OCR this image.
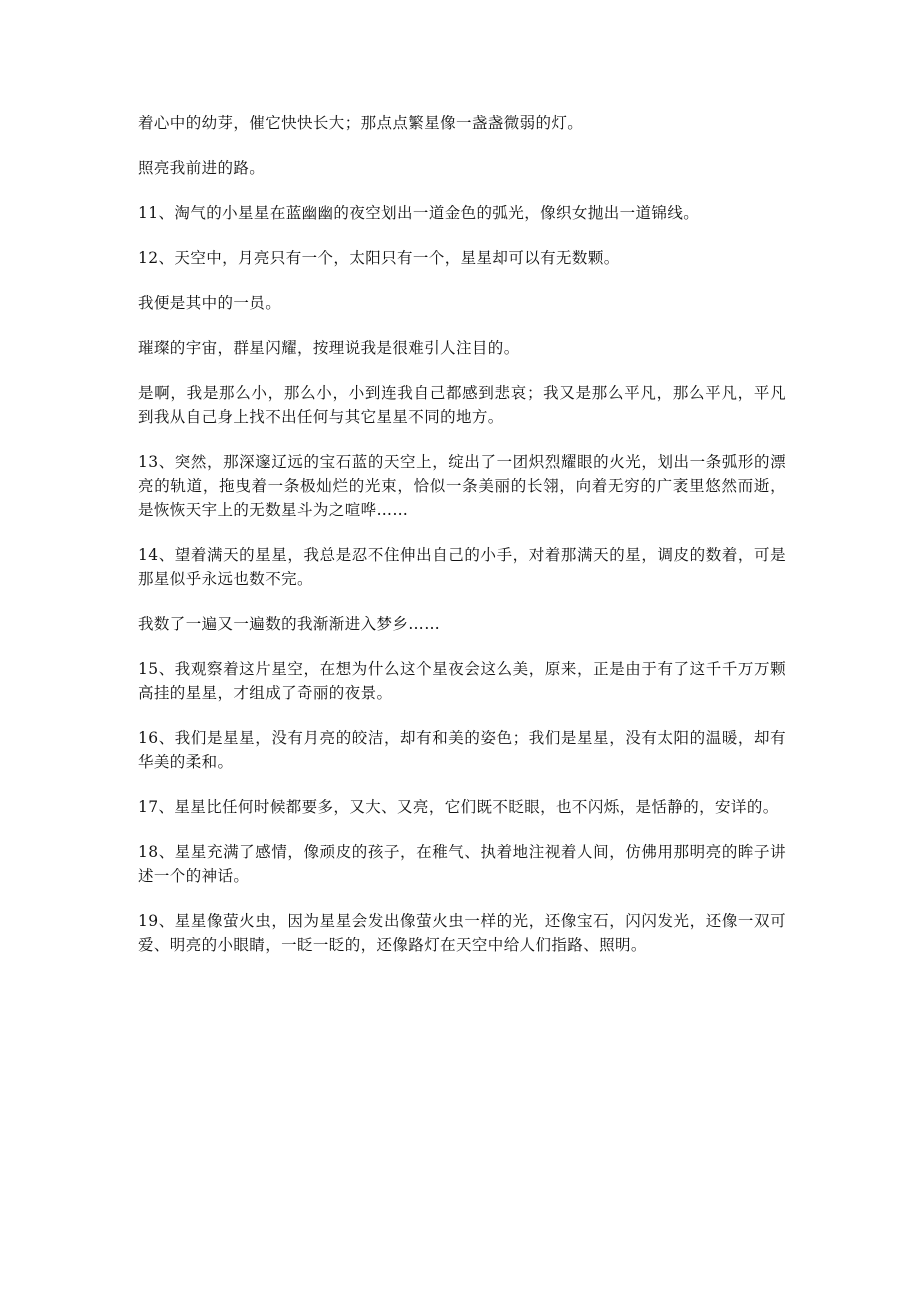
着心中的幼芽，催它快快长大；那点点繁星像一盏盏微弱的灯。

照亮我前进的路。

11、淘气的小星星在蓝幽幽的夜空划出一道金色的弧光，像织女抛出一道锦线。

12、天空中，月亮只有一个，太阳只有一个，星星却可以有无数颗。

我便是其中的一员。

璀璨的宇宙，群星闪耀，按理说我是很难引人注目的。

是啊，我是那么小，那么小，小到连我自己都感到悲哀；我又是那么平凡，那么平凡，平凡到我从自己身上找不出任何与其它星星不同的地方。

13、突然，那深邃辽远的宝石蓝的天空上，绽出了一团炽烈耀眼的火光，划出一条弧形的漂亮的轨道，拖曳着一条极灿烂的光束，恰似一条美丽的长翎，向着无穷的广袤里悠然而逝，是恢恢天宇上的无数星斗为之喧哗……

14、望着满天的星星，我总是忍不住伸出自己的小手，对着那满天的星，调皮的数着，可是那星似乎永远也数不完。

我数了一遍又一遍数的我渐渐进入梦乡……

15、我观察着这片星空，在想为什么这个星夜会这么美，原来，正是由于有了这千千万万颗高挂的星星，才组成了奇丽的夜景。

16、我们是星星，没有月亮的皎洁，却有和美的姿色；我们是星星，没有太阳的温暖，却有华美的柔和。

17、星星比任何时候都要多，又大、又亮，它们既不眨眼，也不闪烁，是恬静的，安详的。

18、星星充满了感情，像顽皮的孩子，在稚气、执着地注视着人间，仿佛用那明亮的眸子讲述一个的神话。

19、星星像萤火虫，因为星星会发出像萤火虫一样的光，还像宝石，闪闪发光，还像一双可爱、明亮的小眼睛，一眨一眨的，还像路灯在天空中给人们指路、照明。
